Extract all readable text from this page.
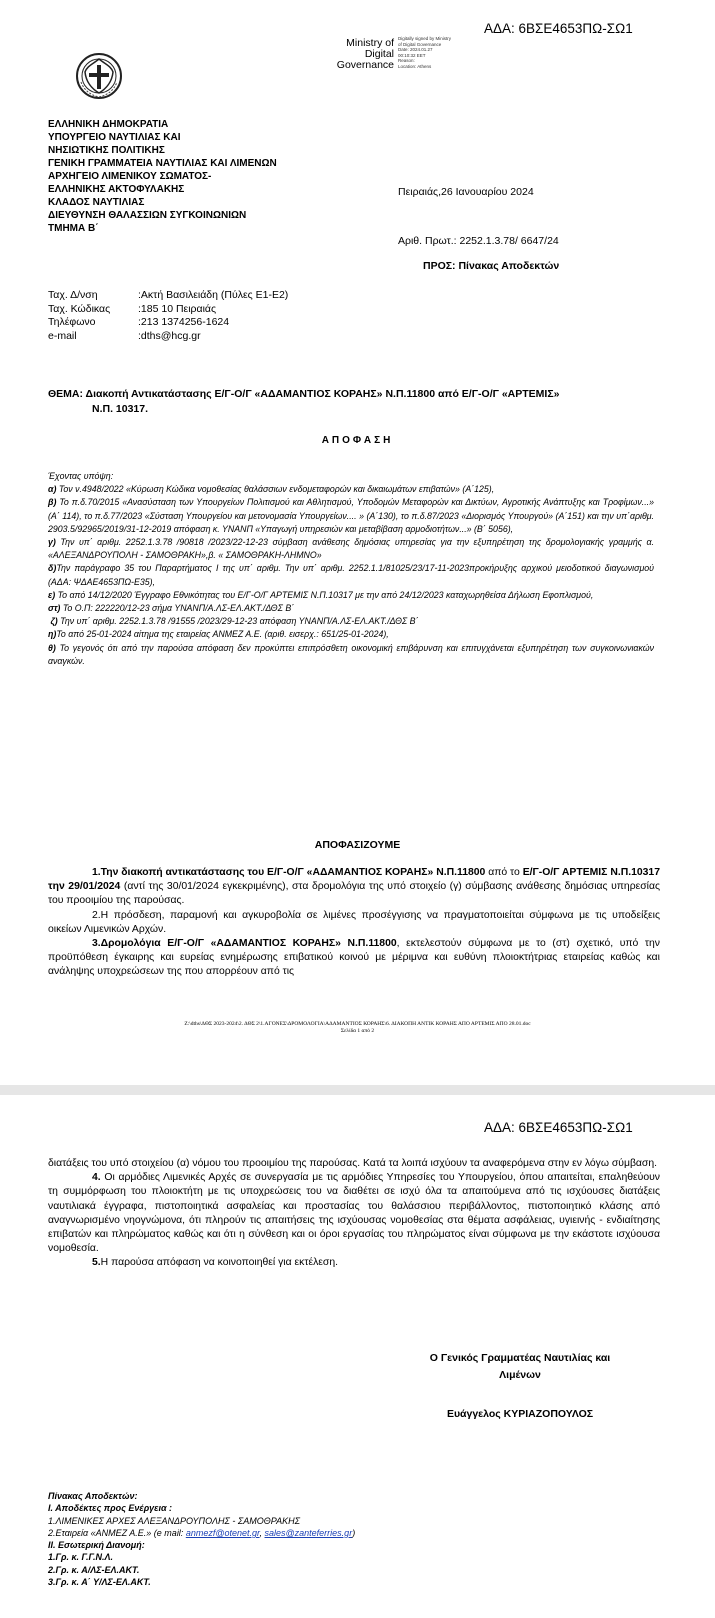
ΑΔΑ: 6ΒΣΕ4653ΠΩ-ΣΩ1
Ministry of
Digital
Governance
Digitally signed by Ministry
of Digital Governance
Date: 2024.01.27
00:10:32 EET
Reason:
Location: Athens
ΕΛΛΗΝΙΚΗ ΔΗΜΟΚΡΑΤΙΑ
ΥΠΟΥΡΓΕΙΟ ΝΑΥΤΙΛΙΑΣ ΚΑΙ
ΝΗΣΙΩΤΙΚΗΣ ΠΟΛΙΤΙΚΗΣ
ΓΕΝΙΚΗ ΓΡΑΜΜΑΤΕΙΑ ΝΑΥΤΙΛΙΑΣ ΚΑΙ ΛΙΜΕΝΩΝ
ΑΡΧΗΓΕΙΟ ΛΙΜΕΝΙΚΟΥ ΣΩΜΑΤΟΣ-
ΕΛΛΗΝΙΚΗΣ ΑΚΤΟΦΥΛΑΚΗΣ
ΚΛΑΔΟΣ ΝΑΥΤΙΛΙΑΣ
ΔΙΕΥΘΥΝΣΗ ΘΑΛΑΣΣΙΩΝ ΣΥΓΚΟΙΝΩΝΙΩΝ
ΤΜΗΜΑ Β΄
Πειραιάς,26 Ιανουαρίου 2024
Αριθ. Πρωτ.: 2252.1.3.78/ 6647/24
ΠΡΟΣ: Πίνακας Αποδεκτών
Ταχ. Δ/νση	:Ακτή Βασιλειάδη (Πύλες Ε1-Ε2)
Ταχ. Κώδικας	:185 10 Πειραιάς
Τηλέφωνο	:213 1374256-1624
e-mail	:dths@hcg.gr
ΘΕΜΑ: Διακοπή Αντικατάστασης Ε/Γ-Ο/Γ «ΑΔΑΜΑΝΤΙΟΣ ΚΟΡΑΗΣ» Ν.Π.11800 από Ε/Γ-Ο/Γ «ΑΡΤΕΜΙΣ»
Ν.Π. 10317.
ΑΠΟΦΑΣΗ
Έχοντας υπόψη:
α) Τον ν.4948/2022 «Κύρωση Κώδικα νομοθεσίας θαλάσσιων ενδομεταφορών και δικαιωμάτων επιβατών» (Α΄125),
β) Το π.δ.70/2015 «Ανασύσταση των Υπουργείων Πολιτισμού και Αθλητισμού, Υποδομών Μεταφορών και Δικτύων, Αγροτικής Ανάπτυξης και Τροφίμων...» (Α΄ 114), το π.δ.77/2023 «Σύσταση Υπουργείου και μετονομασία Υπουργείων.... » (Α΄130), το π.δ.87/2023 «Διορισμός Υπουργού» (Α΄151) και την υπ΄αριθμ. 2903.5/92965/2019/31-12-2019 απόφαση κ. ΥΝΑΝΠ «Υπαγωγή υπηρεσιών και μεταβίβαση αρμοδιοτήτων...» (Β΄ 5056),
γ) Την υπ΄ αριθμ. 2252.1.3.78 /90818 /2023/22-12-23 σύμβαση ανάθεσης δημόσιας υπηρεσίας για την εξυπηρέτηση της δρομολογιακής γραμμής α. «ΑΛΕΞΑΝΔΡΟΥΠΟΛΗ - ΣΑΜΟΘΡΑΚΗ»,β. « ΣΑΜΟΘΡΑΚΗ-ΛΗΜΝΟ»
δ)Την παράγραφο 35 του Παραρτήματος Ι της υπ΄ αριθμ. Την υπ΄ αριθμ. 2252.1.1/81025/23/17-11-2023προκήρυξης αρχικού μειοδοτικού διαγωνισμού (ΑΔΑ: ΨΔΑΕ4653ΠΩ-Ε35),
ε) Το από 14/12/2020 Έγγραφο Εθνικότητας του Ε/Γ-Ο/Γ ΑΡΤΕΜΙΣ Ν.Π.10317 με την από 24/12/2023 καταχωρηθείσα Δήλωση Εφοπλισμού,
στ) Το Ο.Π: 222220/12-23 σήμα ΥΝΑΝΠ/Α.ΛΣ-ΕΛ.ΑΚΤ./ΔΘΣ Β΄
ζ) Την υπ΄ αριθμ. 2252.1.3.78 /91555 /2023/29-12-23 απόφαση ΥΝΑΝΠ/Α.ΛΣ-ΕΛ.ΑΚΤ./ΔΘΣ Β΄
η)Το από 25-01-2024 αίτημα της εταιρείας ΑΝΜΕΖ Α.Ε. (αριθ. εισερχ.: 651/25-01-2024),
θ) Το γεγονός ότι από την παρούσα απόφαση δεν προκύπτει επιπρόσθετη οικονομική επιβάρυνση και επιτυγχάνεται εξυπηρέτηση των συγκοινωνιακών αναγκών.
ΑΠΟΦΑΣΙΖΟΥΜΕ
1.Την διακοπή αντικατάστασης του Ε/Γ-Ο/Γ «ΑΔΑΜΑΝΤΙΟΣ ΚΟΡΑΗΣ» Ν.Π.11800 από το Ε/Γ-Ο/Γ ΑΡΤΕΜΙΣ Ν.Π.10317 την 29/01/2024 (αντί της 30/01/2024 εγκεκριμένης), στα δρομολόγια της υπό στοιχείο (γ) σύμβασης ανάθεσης δημόσιας υπηρεσίας του προοιμίου της παρούσας.
2.Η πρόσδεση, παραμονή και αγκυροβολία σε λιμένες προσέγγισης να πραγματοποιείται σύμφωνα με τις υποδείξεις οικείων Λιμενικών Αρχών.
3.Δρομολόγια Ε/Γ-Ο/Γ «ΑΔΑΜΑΝΤΙΟΣ ΚΟΡΑΗΣ» Ν.Π.11800, εκτελεστούν σύμφωνα με το (στ) σχετικό, υπό την προϋπόθεση έγκαιρης και ευρείας ενημέρωσης επιβατικού κοινού με μέριμνα και ευθύνη πλοιοκτήτριας εταιρείας καθώς και ανάληψης υποχρεώσεων της που απορρέουν από τις
Z:\dths\ΔΘΣ 2023-2024\2. ΔΘΣ 2\1.ΑΓΟΝΕΣ\ΔΡΟΜΟΛΟΓΙΑ\ΑΔΑΜΑΝΤΙΟΣ ΚΟΡΑΗΣ\6. ΔΙΑΚΟΠΗ ΑΝΤΙΚ ΚΟΡΑΗΣ ΑΠΟ ΑΡΤΕΜΙΣ ΑΠΟ 28.01.doc
Σελίδα 1 από 2
ΑΔΑ: 6ΒΣΕ4653ΠΩ-ΣΩ1
διατάξεις του υπό στοιχείου (α) νόμου του προοιμίου της παρούσας. Κατά τα λοιπά ισχύουν τα αναφερόμενα στην εν λόγω σύμβαση.
4. Οι αρμόδιες Λιμενικές Αρχές σε συνεργασία με τις αρμόδιες Υπηρεσίες του Υπουργείου, όπου απαιτείται, επαληθεύουν τη συμμόρφωση του πλοιοκτήτη με τις υποχρεώσεις του να διαθέτει σε ισχύ όλα τα απαιτούμενα από τις ισχύουσες διατάξεις ναυτιλιακά έγγραφα, πιστοποιητικά ασφαλείας και προστασίας του θαλάσσιου περιβάλλοντος, πιστοποιητικό κλάσης από αναγνωρισμένο νηογνώμονα, ότι πληρούν τις απαιτήσεις της ισχύουσας νομοθεσίας στα θέματα ασφάλειας, υγιεινής - ενδιαίτησης επιβατών και πληρώματος καθώς και ότι η σύνθεση και οι όροι εργασίας του πληρώματος είναι σύμφωνα με την εκάστοτε ισχύουσα νομοθεσία.
5.Η παρούσα απόφαση να κοινοποιηθεί για εκτέλεση.
Ο Γενικός Γραμματέας Ναυτιλίας και
Λιμένων
Ευάγγελος ΚΥΡΙΑΖΟΠΟΥΛΟΣ
Πίνακας Αποδεκτών:
Ι. Αποδέκτες προς Ενέργεια :
1.ΛΙΜΕΝΙΚΕΣ ΑΡΧΕΣ ΑΛΕΞΑΝΔΡΟΥΠΟΛΗΣ - ΣΑΜΟΘΡΑΚΗΣ
2.Εταιρεία «ΑΝΜΕΖ Α.Ε.» (e mail: anmezf@otenet.gr, sales@zanteferries.gr)
ΙΙ. Εσωτερική Διανομή:
1.Γρ. κ. Γ.Γ.Ν.Λ.
2.Γρ. κ. Α/ΛΣ-ΕΛ.ΑΚΤ.
3.Γρ. κ. Α΄ Υ/ΛΣ-ΕΛ.ΑΚΤ.
